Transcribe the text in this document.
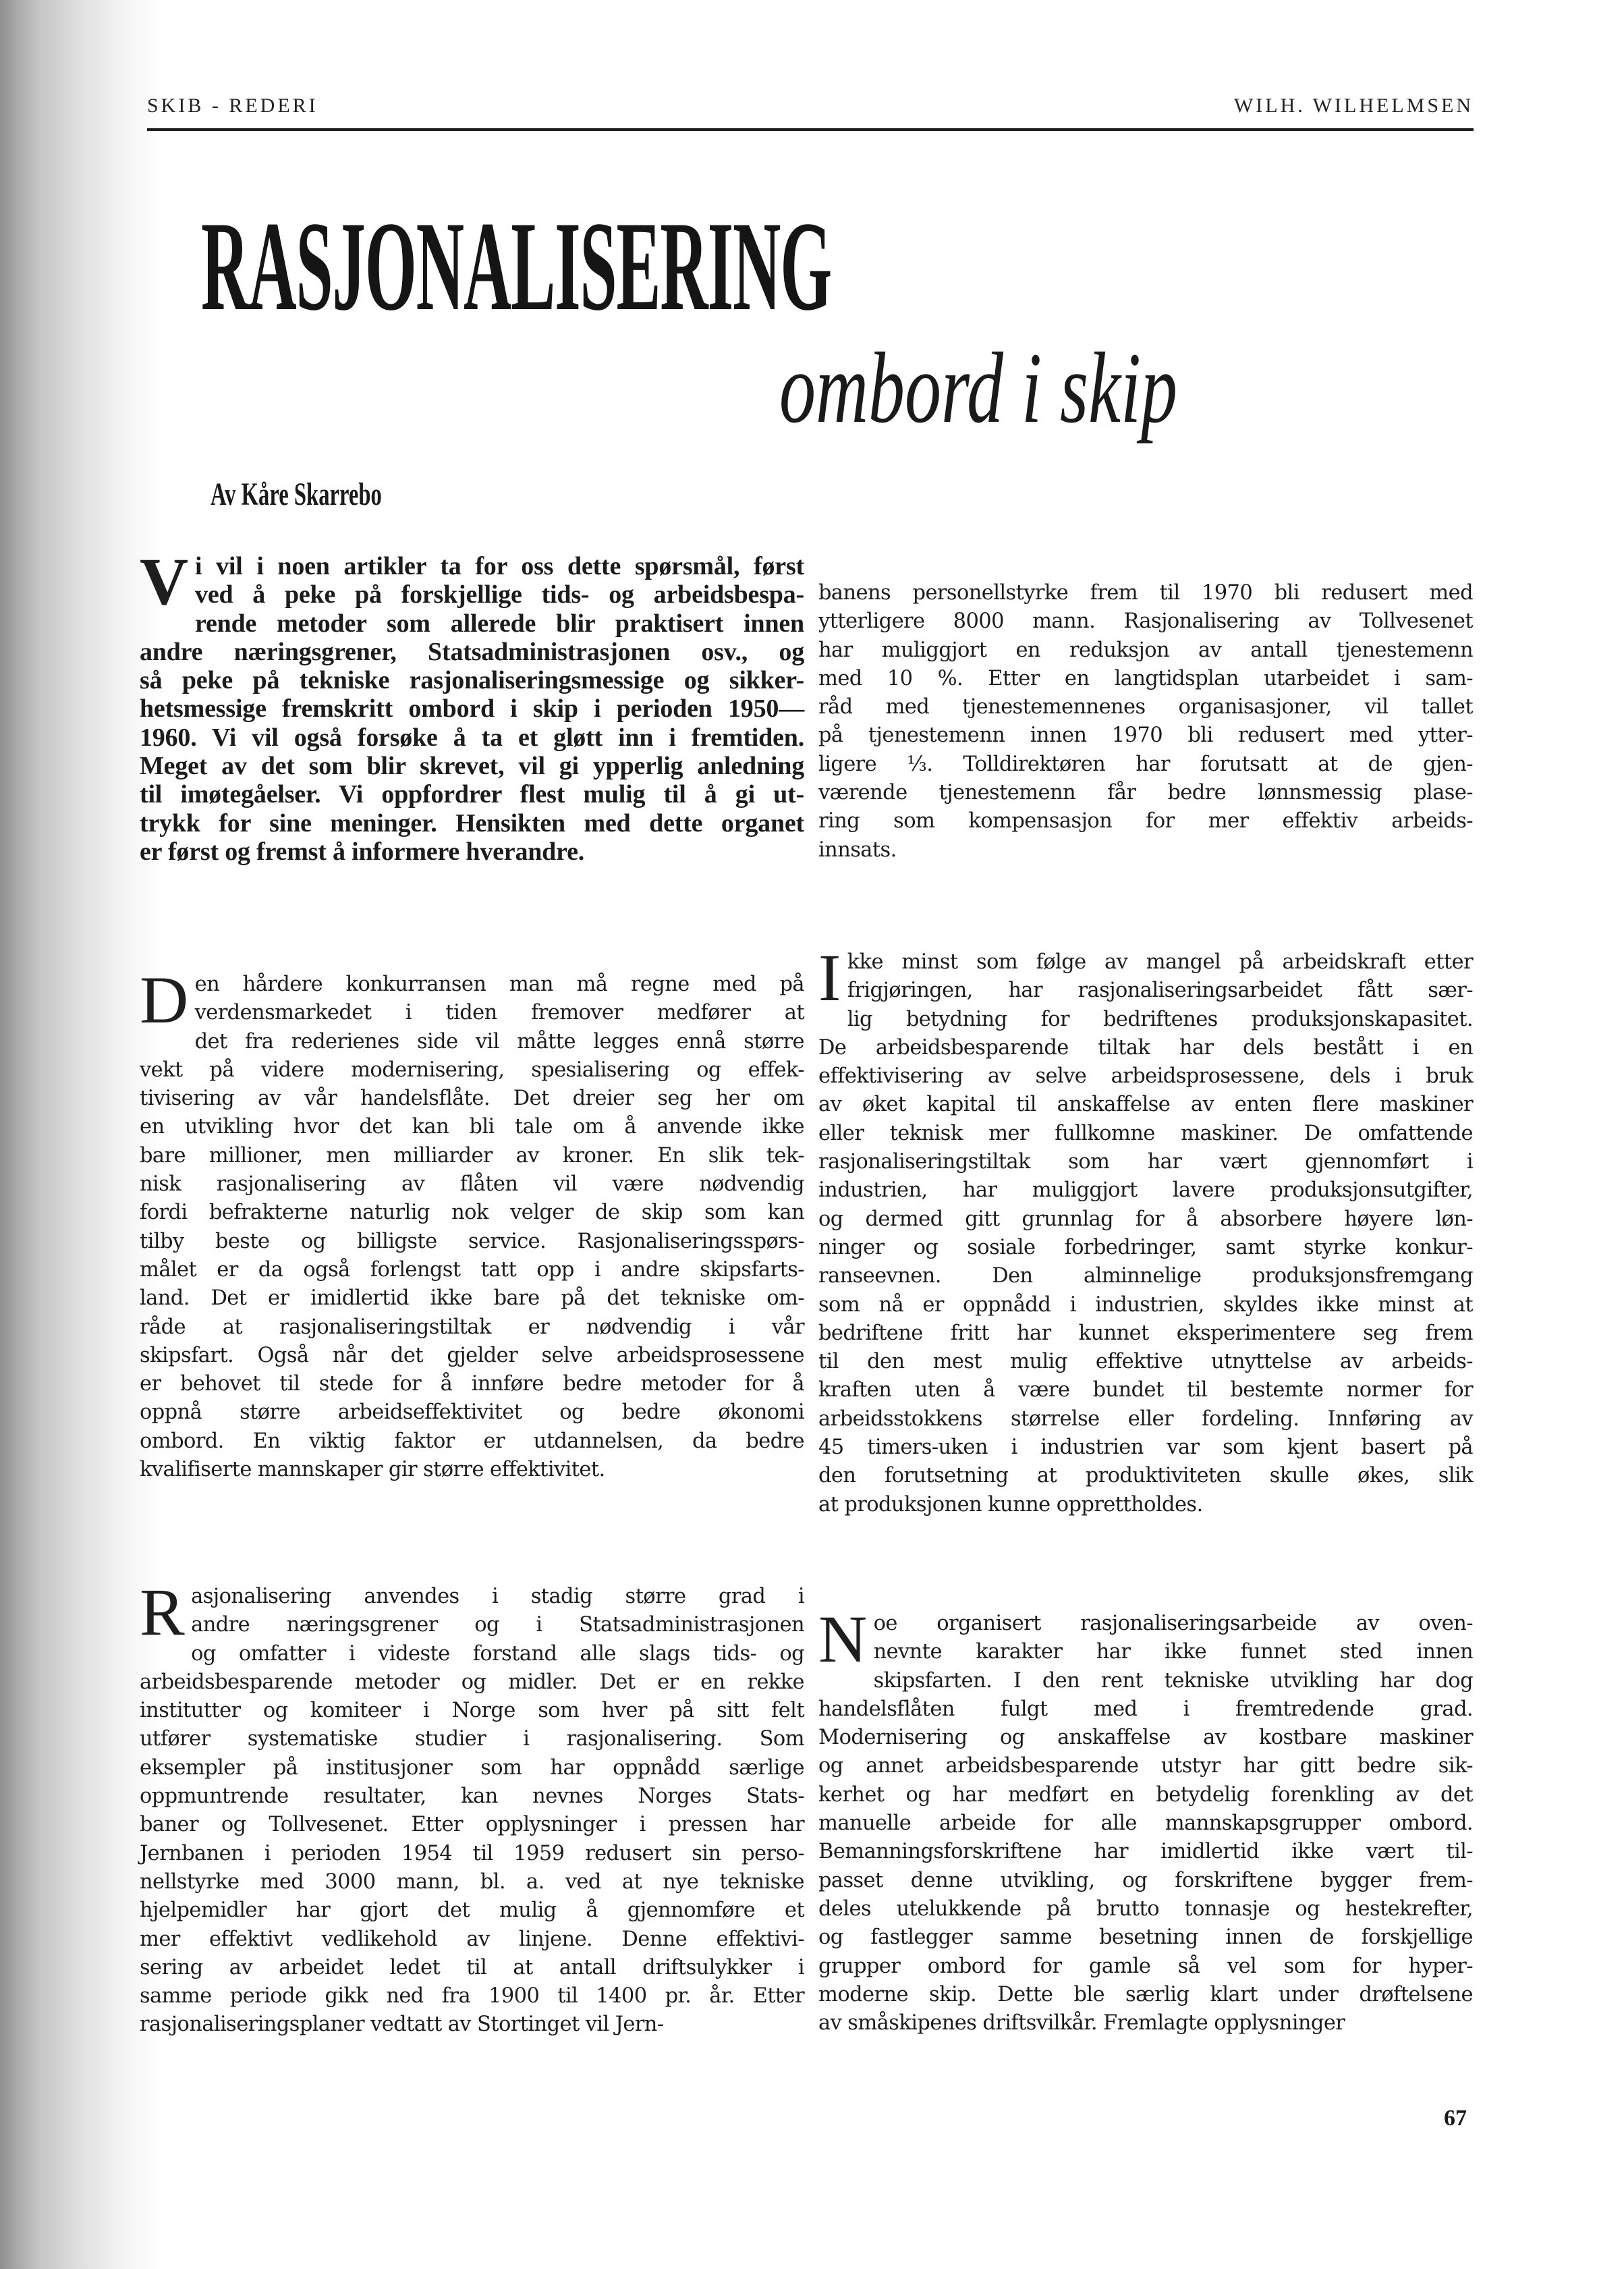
SKIB - REDERI	WILH. WILHELMSEN
RASJONALISERING
ombord i skip
Av Kåre Skarrebo
V i vil i noen artikler ta for oss dette spørsmål, først
ved å peke på forskjellige tids- og arbeidsbespa-
rende metoder som allerede blir praktisert innen
andre næringsgrener, Statsadministrasjonen osv., og
så peke på tekniske rasjonaliseringsmessige og sikker-
hetsmessige fremskritt ombord i skip i perioden 1950—
1960. Vi vil også forsøke å ta et gløtt inn i fremtiden.
Meget av det som blir skrevet, vil gi ypperlig anledning
til imøtegåelser. Vi oppfordrer flest mulig til å gi ut-
trykk for sine meninger. Hensikten med dette organet
er først og fremst å informere hverandre.
D en hårdere konkurransen man må regne med på
verdensmarkedet i tiden fremover medfører at
det fra rederienes side vil måtte legges ennå større
vekt på videre modernisering, spesialisering og effek-
tivisering av vår handelsflåte. Det dreier seg her om
en utvikling hvor det kan bli tale om å anvende ikke
bare millioner, men milliarder av kroner. En slik tek-
nisk rasjonalisering av flåten vil være nødvendig
fordi befrakterne naturlig nok velger de skip som kan
tilby beste og billigste service. Rasjonaliseringsspørs-
målet er da også forlengst tatt opp i andre skipsfarts-
land. Det er imidlertid ikke bare på det tekniske om-
råde at rasjonaliseringstiltak er nødvendig i vår
skipsfart. Også når det gjelder selve arbeidsprosessene
er behovet til stede for å innføre bedre metoder for å
oppnå større arbeidseffektivitet og bedre økonomi
ombord. En viktig faktor er utdannelsen, da bedre
kvalifiserte mannskaper gir større effektivitet.
R asjonalisering anvendes i stadig større grad i
andre næringsgrener og i Statsadministrasjonen
og omfatter i videste forstand alle slags tids- og
arbeidsbesparende metoder og midler. Det er en rekke
institutter og komiteer i Norge som hver på sitt felt
utfører systematiske studier i rasjonalisering. Som
eksempler på institusjoner som har oppnådd særlige
oppmuntrende resultater, kan nevnes Norges Stats-
baner og Tollvesenet. Etter opplysninger i pressen har
Jernbanen i perioden 1954 til 1959 redusert sin perso-
nellstyrke med 3000 mann, bl. a. ved at nye tekniske
hjelpemidler har gjort det mulig å gjennomføre et
mer effektivt vedlikehold av linjene. Denne effektivi-
sering av arbeidet ledet til at antall driftsulykker i
samme periode gikk ned fra 1900 til 1400 pr. år. Etter
rasjonaliseringsplaner vedtatt av Stortinget vil Jern-
banens personellstyrke frem til 1970 bli redusert med
ytterligere 8000 mann. Rasjonalisering av Tollvesenet
har muliggjort en reduksjon av antall tjenestemenn
med 10 %. Etter en langtidsplan utarbeidet i sam-
råd med tjenestemennenes organisasjoner, vil tallet
på tjenestemenn innen 1970 bli redusert med ytter-
ligere ⅓. Tolldirektøren har forutsatt at de gjen-
værende tjenestemenn får bedre lønnsmessig plase-
ring som kompensasjon for mer effektiv arbeids-
innsats.
I kke minst som følge av mangel på arbeidskraft etter
frigjøringen, har rasjonaliseringsarbeidet fått sær-
lig betydning for bedriftenes produksjonskapasitet.
De arbeidsbesparende tiltak har dels bestått i en
effektivisering av selve arbeidsprosessene, dels i bruk
av øket kapital til anskaffelse av enten flere maskiner
eller teknisk mer fullkomne maskiner. De omfattende
rasjonaliseringstiltak som har vært gjennomført i
industrien, har muliggjort lavere produksjonsutgifter,
og dermed gitt grunnlag for å absorbere høyere løn-
ninger og sosiale forbedringer, samt styrke konkur-
ranseevnen. Den alminnelige produksjonsfremgang
som nå er oppnådd i industrien, skyldes ikke minst at
bedriftene fritt har kunnet eksperimentere seg frem
til den mest mulig effektive utnyttelse av arbeids-
kraften uten å være bundet til bestemte normer for
arbeidsstokkens størrelse eller fordeling. Innføring av
45 timers-uken i industrien var som kjent basert på
den forutsetning at produktiviteten skulle økes, slik
at produksjonen kunne opprettholdes.
N oe organisert rasjonaliseringsarbeide av oven-
nevnte karakter har ikke funnet sted innen
skipsfarten. I den rent tekniske utvikling har dog
handelsflåten fulgt med i fremtredende grad.
Modernisering og anskaffelse av kostbare maskiner
og annet arbeidsbesparende utstyr har gitt bedre sik-
kerhet og har medført en betydelig forenkling av det
manuelle arbeide for alle mannskapsgrupper ombord.
Bemanningsforskriftene har imidlertid ikke vært til-
passet denne utvikling, og forskriftene bygger frem-
deles utelukkende på brutto tonnasje og hestekrefter,
og fastlegger samme besetning innen de forskjellige
grupper ombord for gamle så vel som for hyper-
moderne skip. Dette ble særlig klart under drøftelsene
av småskipenes driftsvilkår. Fremlagte opplysninger
67
